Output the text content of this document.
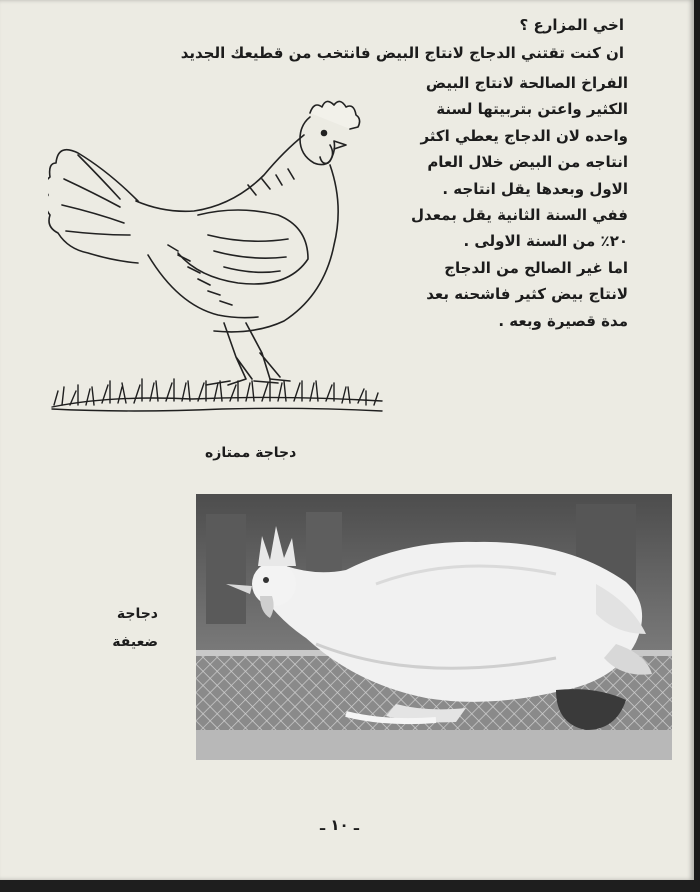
اخي المزارع ؟
ان كنت تقتني الدجاج لانتاج البيض فانتخب من قطيعك الجديد
الفراخ الصالحة لانتاج البيض
الكثير واعتن بتربيتها لسنة
واحده لان الدجاج يعطي اكثر
انتاجه من البيض خلال العام
الاول وبعدها يقل انتاجه .
ففي السنة الثانية يقل بمعدل
٢٠٪ من السنة الاولى .
اما غير الصالح من الدجاج
لانتاج بيض كثير فاشحنه بعد
مدة قصيرة وبعه .
دجاجة ممتازه
دجاجة
ضعيفة
ـ ١٠ ـ
